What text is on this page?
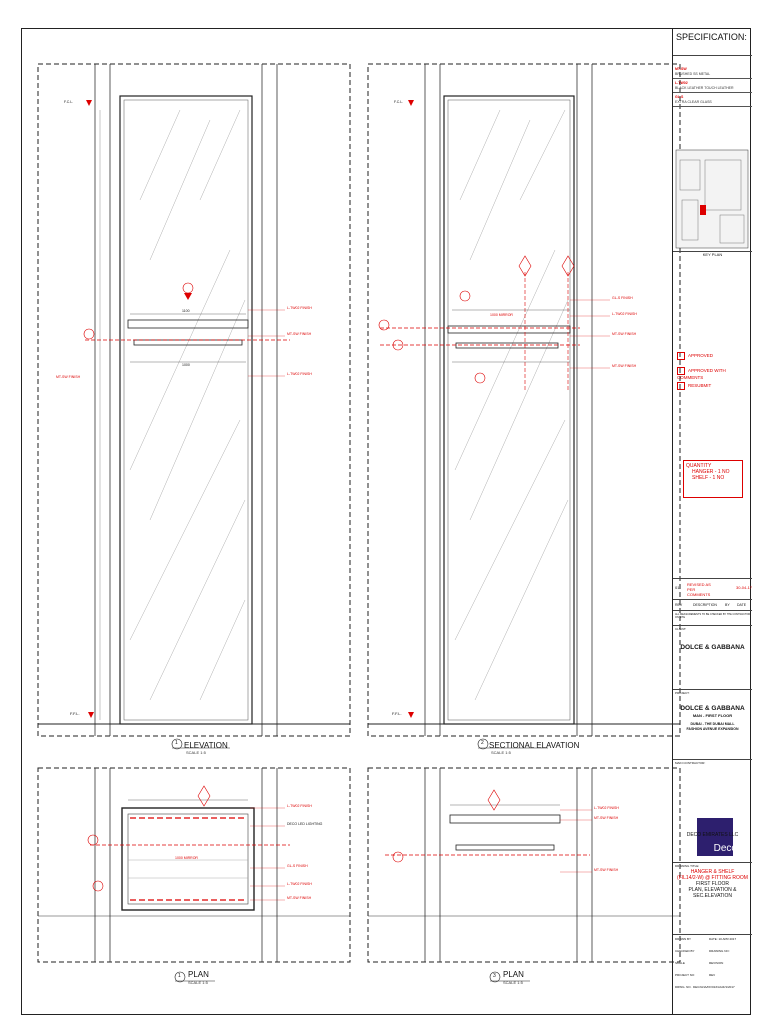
F.C.L.
F.F.L.
F.C.L.
F.F.L.
L-TW02 FINISH
MT-SW FINISH
L-TW02 FINISH
MT-SW FINISH
1100
1000
GL-S FINISH
L-TW02 FINISH
MT-SW FINISH
MT-SW FINISH
1000 MIRROR
L-TW02 FINISH
DECO LED LIGHTING
GL-S FINISH
L-TW02 FINISH
MT-SW FINISH
1000 MIRROR
L-TW02 FINISH
MT-SW FINISH
MT-SW FINISH
ELEVATION
SCALE 1:5
SECTIONAL ELAVATION
SCALE 1:5
PLAN
SCALE 1:5
PLAN
SCALE 1:5
1	2
1	3
SPECIFICATION:
MT-SW
BRUSHED SS METAL
L-TW02
BLACK LEATHER TOUCH LEATHER
GL-S
EXTRA CLEAR GLASS
KEY PLAN
APPROVED
APPROVED WITH COMMENTS
RESUBMIT
QUANTITY
HANGER - 1 NO
SHELF - 1 NO
01
REVISED AS PER COMMENTS
30-04-17
REV	DESCRIPTION BY DATE
ALL MEASUREMENTS TO BE CHECKED BY THE CONTRACTOR ON SITE
CLIENT:
DOLCE & GABBANA
PROJECT:
DOLCE & GABBANA
MAN - FIRST FLOOR
DUBAI - THE DUBAI MALL
FASHION AVENUE EXPANSION
MAIN CONTRACTOR:
Deco
DECO EMIRATES LLC
DRAWING TITLE:
HANGER & SHELF
(FIL14/2-W) @ FITTING ROOM
FIRST FLOOR
PLAN, ELEVATION &
SEC.ELEVATION
DRAWN BY	DATE: 10 APR 2017
CHECKED BY	DRAWING NO:
SCALE	REVISION
PROJECT NO	REV
DRWG. NO. DEC/GNA/FF/01/FA/HF/1/2017
